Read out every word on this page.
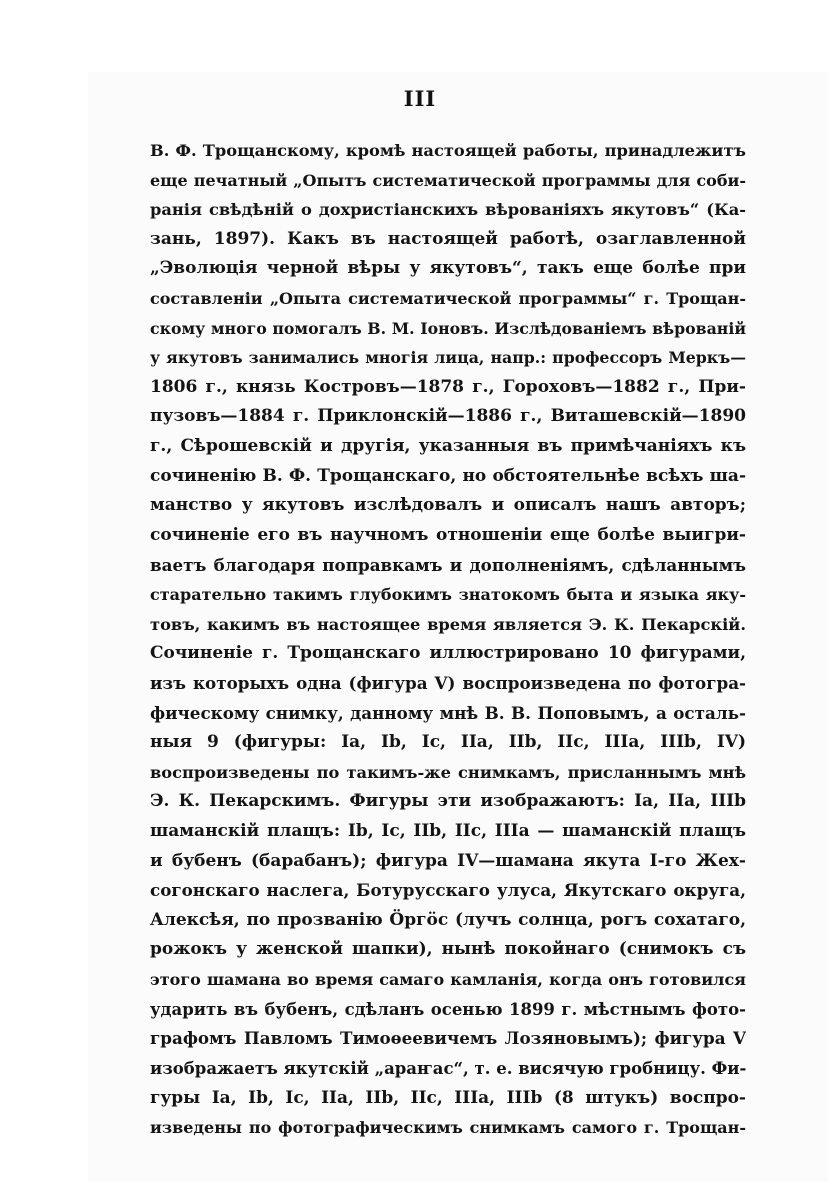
III
В. Ф. Трощанскому, кромѣ настоящей работы, принадлежитъ
еще печатный „Опытъ систематической программы для соби-
ранія свѣдѣній о дохристіанскихъ вѣрованіяхъ якутовъ“ (Ка-
зань, 1897). Какъ въ настоящей работѣ, озаглавленной
„Эволюція черной вѣры у якутовъ“, такъ еще болѣе при
составленіи „Опыта систематической программы“ г. Трощан-
скому много помогалъ В. М. Іоновъ. Изслѣдованіемъ вѣрованій
у якутовъ занимались многія лица, напр.: профессоръ Меркъ—
1806 г., князь Костровъ—1878 г., Гороховъ—1882 г., При-
пузовъ—1884 г. Приклонскій—1886 г., Виташевскій—1890
г., Сѣрошевскій и другія, указанныя въ примѣчаніяхъ къ
сочиненію В. Ф. Трощанскаго, но обстоятельнѣе всѣхъ ша-
манство у якутовъ изслѣдовалъ и описалъ нашъ авторъ;
сочиненіе его въ научномъ отношеніи еще болѣе выигри-
ваетъ благодаря поправкамъ и дополненіямъ, сдѣланнымъ
старательно такимъ глубокимъ знатокомъ быта и языка яку-
товъ, какимъ въ настоящее время является Э. К. Пекарскій.
Сочиненіе г. Трощанскаго иллюстрировано 10 фигурами,
изъ которыхъ одна (фигура V) воспроизведена по фотогра-
фическому снимку, данному мнѣ В. В. Поповымъ, а осталь-
ныя 9 (фигуры: Ia, Ib, Ic, IIa, IIb, IIc, IIIa, IIIb, IV)
воспроизведены по такимъ-же снимкамъ, присланнымъ мнѣ
Э. К. Пекарскимъ. Фигуры эти изображаютъ: Ia, IIa, IIIb
шаманскій плащъ: Ib, Ic, IIb, IIc, IIIa — шаманскій плащъ
и бубенъ (барабанъ); фигура IV—шамана якута I-го Жех-
согонскаго наслега, Ботурусскаго улуса, Якутскаго округа,
Алексѣя, по прозванію Ӧргӧс (лучъ солнца, рогъ сохатаго,
рожокъ у женской шапки), нынѣ покойнаго (снимокъ съ
этого шамана во время самаго камланія, когда онъ готовился
ударить въ бубенъ, сдѣланъ осенью 1899 г. мѣстнымъ фото-
графомъ Павломъ Тимоѳеевичемъ Лозяновымъ); фигура V
изображаетъ якутскій „араҥас“, т. е. висячую гробницу. Фи-
гуры Ia, Ib, Ic, IIa, IIb, IIc, IIIa, IIIb (8 штукъ) воспро-
изведены по фотографическимъ снимкамъ самого г. Трощан-
